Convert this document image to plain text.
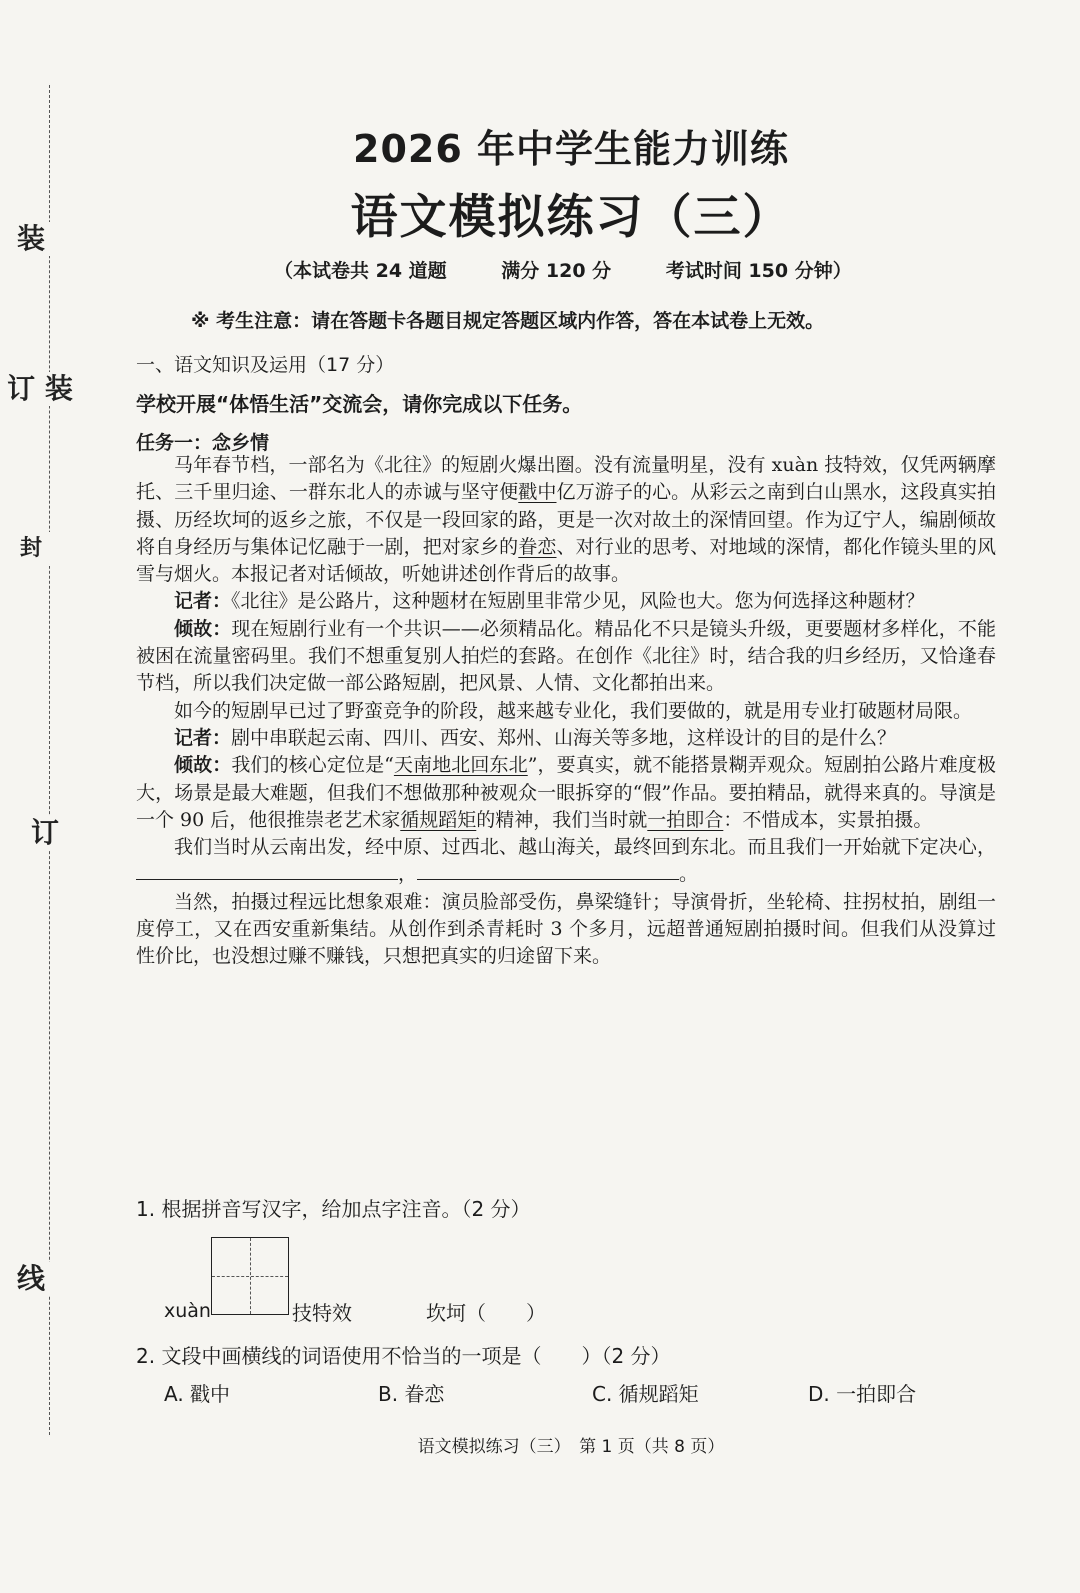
装
订 装
封
订
线
2026 年中学生能力训练
语文模拟练习（三）
（本试卷共 24 道题	满分 120 分	考试时间 150 分钟）
※ 考生注意：请在答题卡各题目规定答题区域内作答，答在本试卷上无效。
一、语文知识及运用（17 分）
学校开展“体悟生活”交流会，请你完成以下任务。
任务一：念乡情

马年春节档，一部名为《北往》的短剧火爆出圈。没有流量明星，没有 xuàn 技特效，仅凭两辆摩托、三千里归途、一群东北人的赤诚与坚守便戳中亿万游子的心。从彩云之南到白山黑水，这段真实拍摄、历经坎坷的返乡之旅，不仅是一段回家的路，更是一次对故土的深情回望。作为辽宁人，编剧倾故将自身经历与集体记忆融于一剧，把对家乡的眷恋、对行业的思考、对地域的深情，都化作镜头里的风雪与烟火。本报记者对话倾故，听她讲述创作背后的故事。

记者：《北往》是公路片，这种题材在短剧里非常少见，风险也大。您为何选择这种题材？

倾故：现在短剧行业有一个共识——必须精品化。精品化不只是镜头升级，更要题材多样化，不能被困在流量密码里。我们不想重复别人拍烂的套路。在创作《北往》时，结合我的归乡经历，又恰逢春节档，所以我们决定做一部公路短剧，把风景、人情、文化都拍出来。

如今的短剧早已过了野蛮竞争的阶段，越来越专业化，我们要做的，就是用专业打破题材局限。

记者：剧中串联起云南、四川、西安、郑州、山海关等多地，这样设计的目的是什么？

倾故：我们的核心定位是“天南地北回东北”，要真实，就不能搭景糊弄观众。短剧拍公路片难度极大，场景是最大难题，但我们不想做那种被观众一眼拆穿的“假”作品。要拍精品，就得来真的。导演是一个 90 后，他很推崇老艺术家循规蹈矩的精神，我们当时就一拍即合：不惜成本，实景拍摄。

我们当时从云南出发，经中原、过西北、越山海关，最终回到东北。而且我们一开始就下定决心，，	。

当然，拍摄过程远比想象艰难：演员脸部受伤，鼻梁缝针；导演骨折，坐轮椅、拄拐杖拍，剧组一度停工，又在西安重新集结。从创作到杀青耗时 3 个多月，远超普通短剧拍摄时间。但我们从没算过性价比，也没想过赚不赚钱，只想把真实的归途留下来。

1. 根据拼音写汉字，给加点字注音。（2 分）
xuàn	技特效	坎坷（　　）
2. 文段中画横线的词语使用不恰当的一项是（　　）（2 分）
A. 戳中	B. 眷恋	C. 循规蹈矩	D. 一拍即合
语文模拟练习（三）　第 1 页（共 8 页）
